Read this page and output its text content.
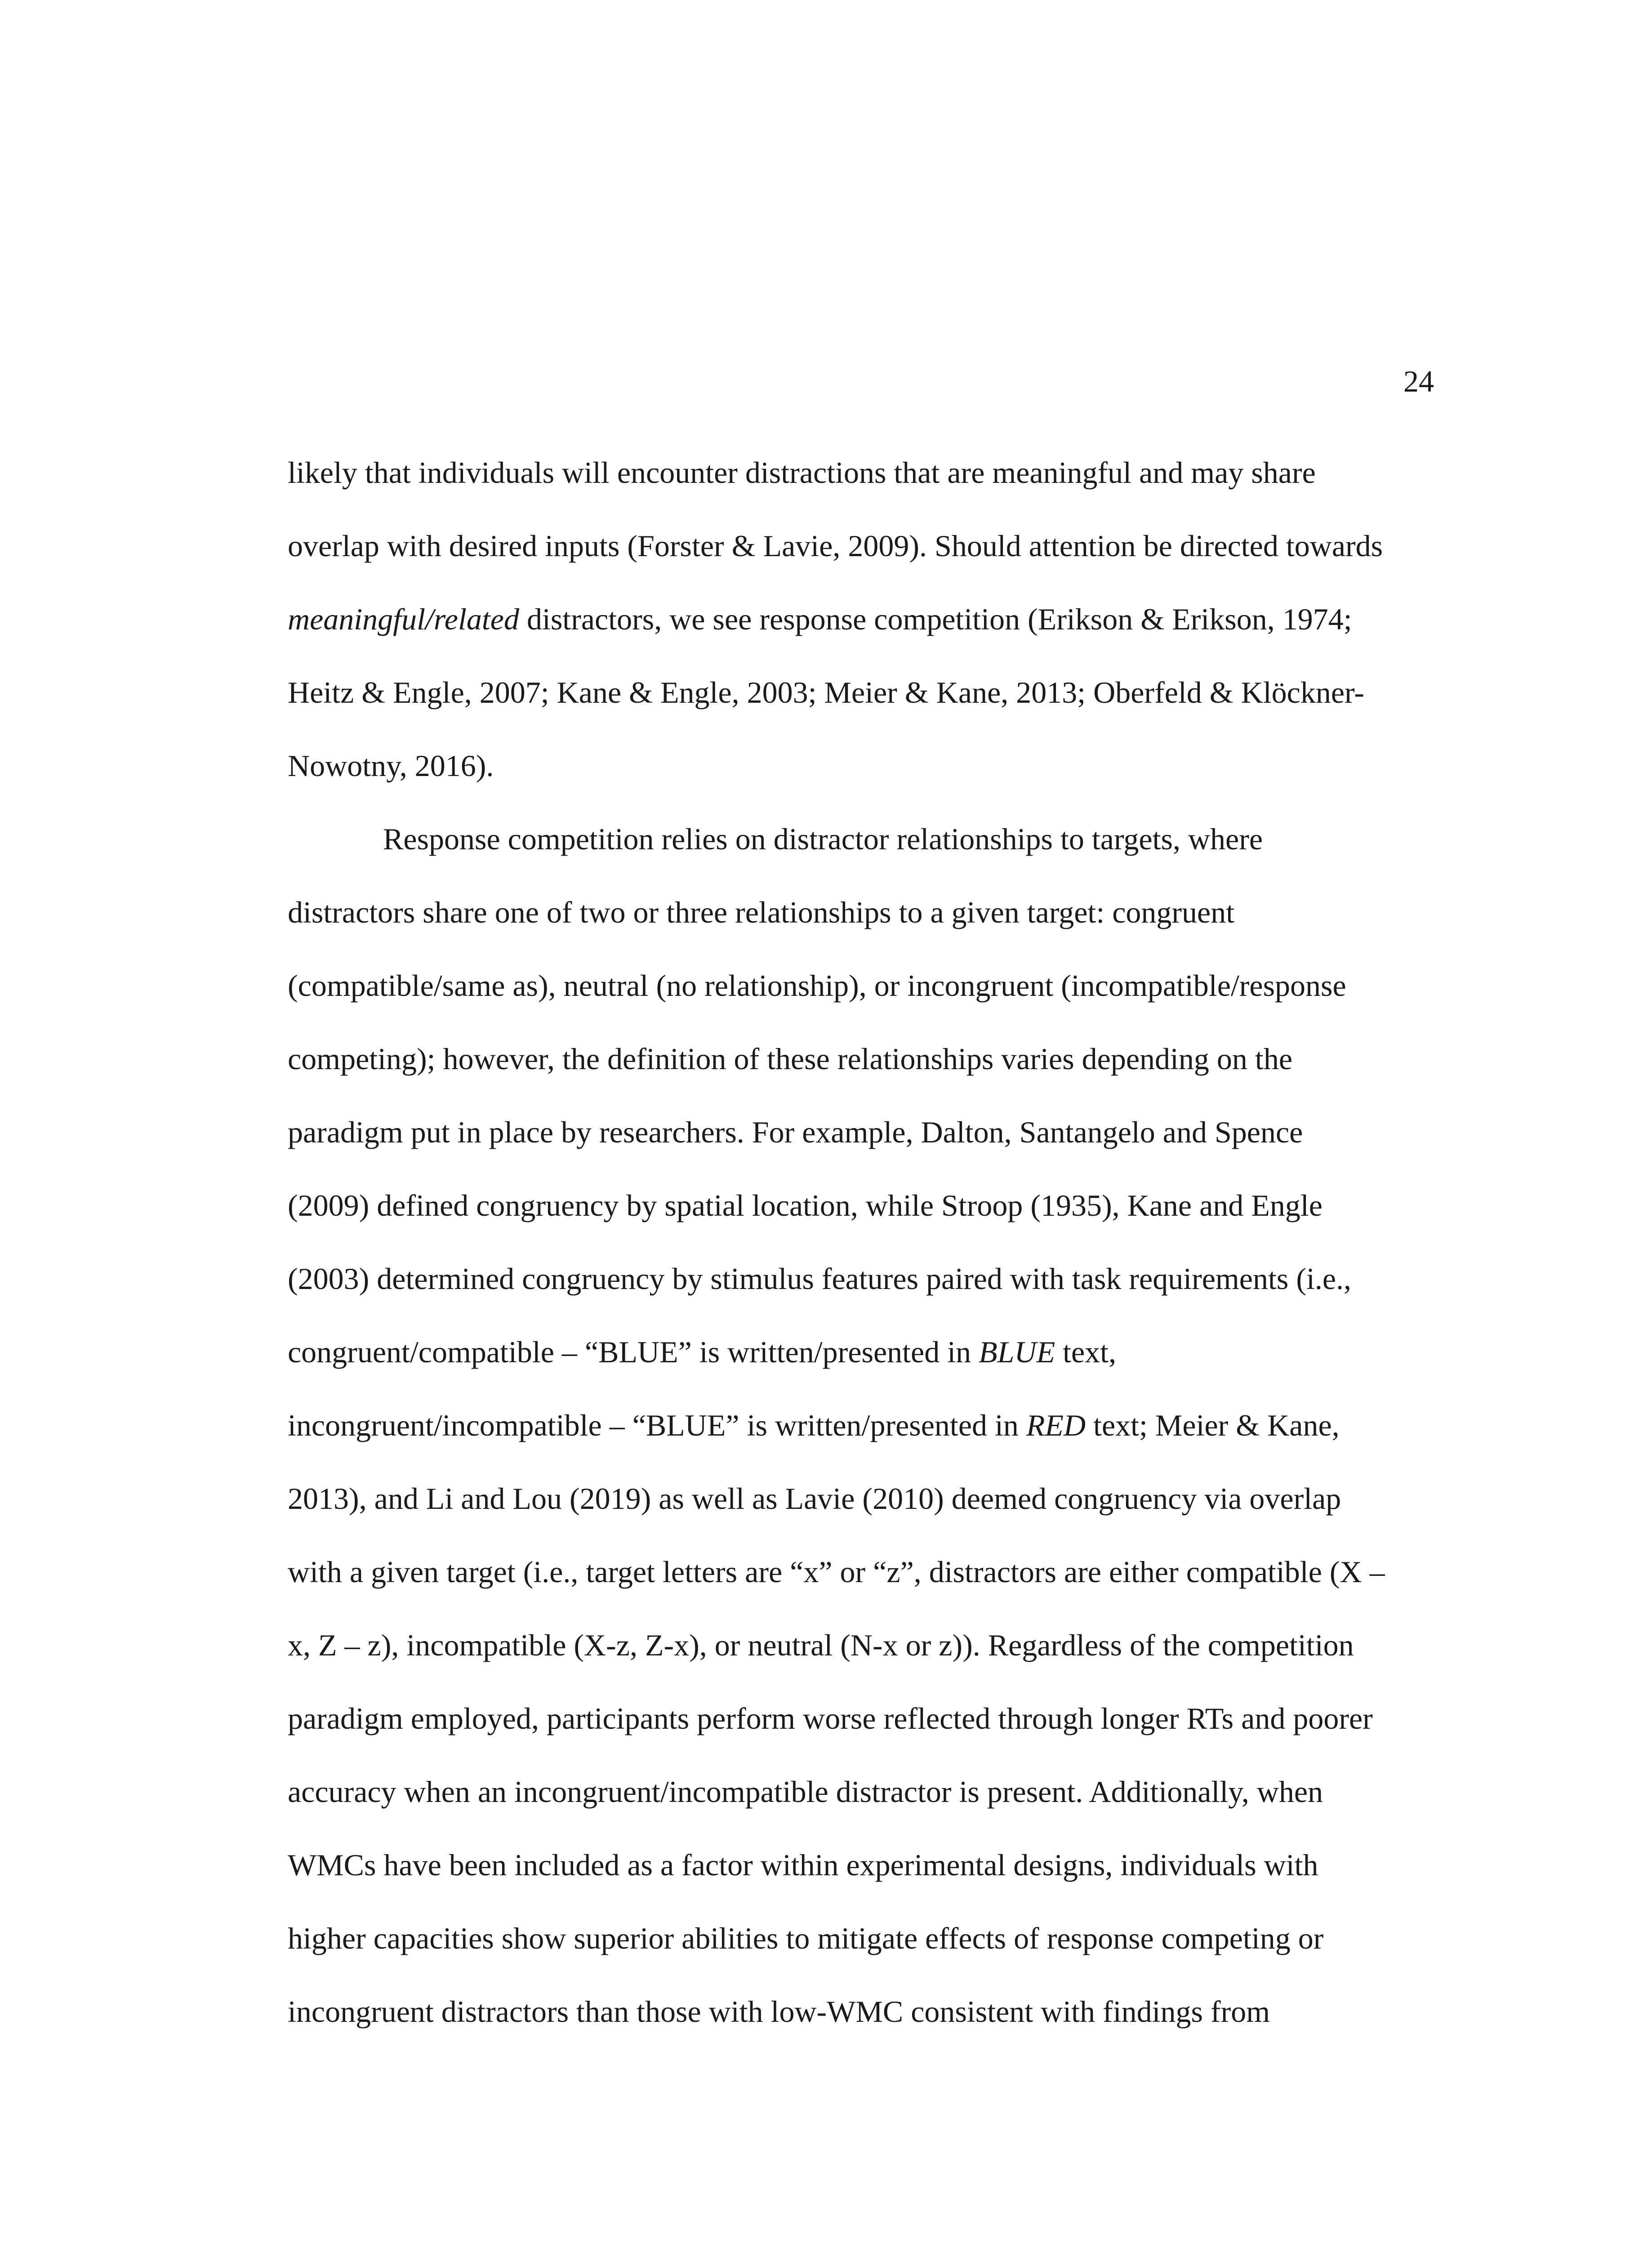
24
likely that individuals will encounter distractions that are meaningful and may share
overlap with desired inputs (Forster & Lavie, 2009). Should attention be directed towards
meaningful/related distractors, we see response competition (Erikson & Erikson, 1974;
Heitz & Engle, 2007; Kane & Engle, 2003; Meier & Kane, 2013; Oberfeld & Klöckner-
Nowotny, 2016).
Response competition relies on distractor relationships to targets, where
distractors share one of two or three relationships to a given target: congruent
(compatible/same as), neutral (no relationship), or incongruent (incompatible/response
competing); however, the definition of these relationships varies depending on the
paradigm put in place by researchers. For example, Dalton, Santangelo and Spence
(2009) defined congruency by spatial location, while Stroop (1935), Kane and Engle
(2003) determined congruency by stimulus features paired with task requirements (i.e.,
congruent/compatible – “BLUE” is written/presented in BLUE text,
incongruent/incompatible – “BLUE” is written/presented in RED text; Meier & Kane,
2013), and Li and Lou (2019) as well as Lavie (2010) deemed congruency via overlap
with a given target (i.e., target letters are “x” or “z”, distractors are either compatible (X –
x, Z – z), incompatible (X-z, Z-x), or neutral (N-x or z)). Regardless of the competition
paradigm employed, participants perform worse reflected through longer RTs and poorer
accuracy when an incongruent/incompatible distractor is present. Additionally, when
WMCs have been included as a factor within experimental designs, individuals with
higher capacities show superior abilities to mitigate effects of response competing or
incongruent distractors than those with low-WMC consistent with findings from
